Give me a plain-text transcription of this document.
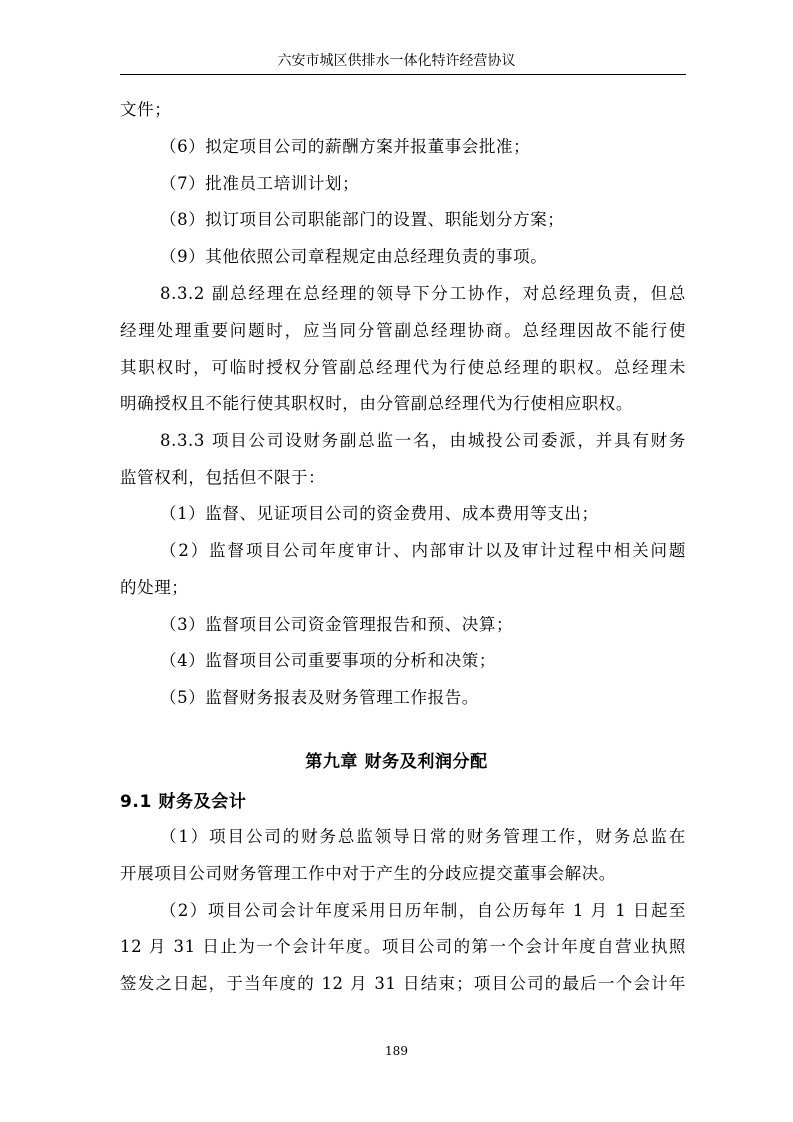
六安市城区供排水一体化特许经营协议
文件；
（6）拟定项目公司的薪酬方案并报董事会批准；
（7）批准员工培训计划；
（8）拟订项目公司职能部门的设置、职能划分方案；
（9）其他依照公司章程规定由总经理负责的事项。
8.3.2 副总经理在总经理的领导下分工协作，对总经理负责，但总
经理处理重要问题时，应当同分管副总经理协商。总经理因故不能行使
其职权时，可临时授权分管副总经理代为行使总经理的职权。总经理未
明确授权且不能行使其职权时，由分管副总经理代为行使相应职权。
8.3.3 项目公司设财务副总监一名，由城投公司委派，并具有财务
监管权利，包括但不限于：
（1）监督、见证项目公司的资金费用、成本费用等支出；
（2）监督项目公司年度审计、内部审计以及审计过程中相关问题
的处理；
（3）监督项目公司资金管理报告和预、决算；
（4）监督项目公司重要事项的分析和决策；
（5）监督财务报表及财务管理工作报告。
第九章 财务及利润分配
9.1 财务及会计
（1）项目公司的财务总监领导日常的财务管理工作，财务总监在
开展项目公司财务管理工作中对于产生的分歧应提交董事会解决。
（2）项目公司会计年度采用日历年制，自公历每年 1 月 1 日起至
12 月 31 日止为一个会计年度。项目公司的第一个会计年度自营业执照
签发之日起，于当年度的 12 月 31 日结束；项目公司的最后一个会计年
189
